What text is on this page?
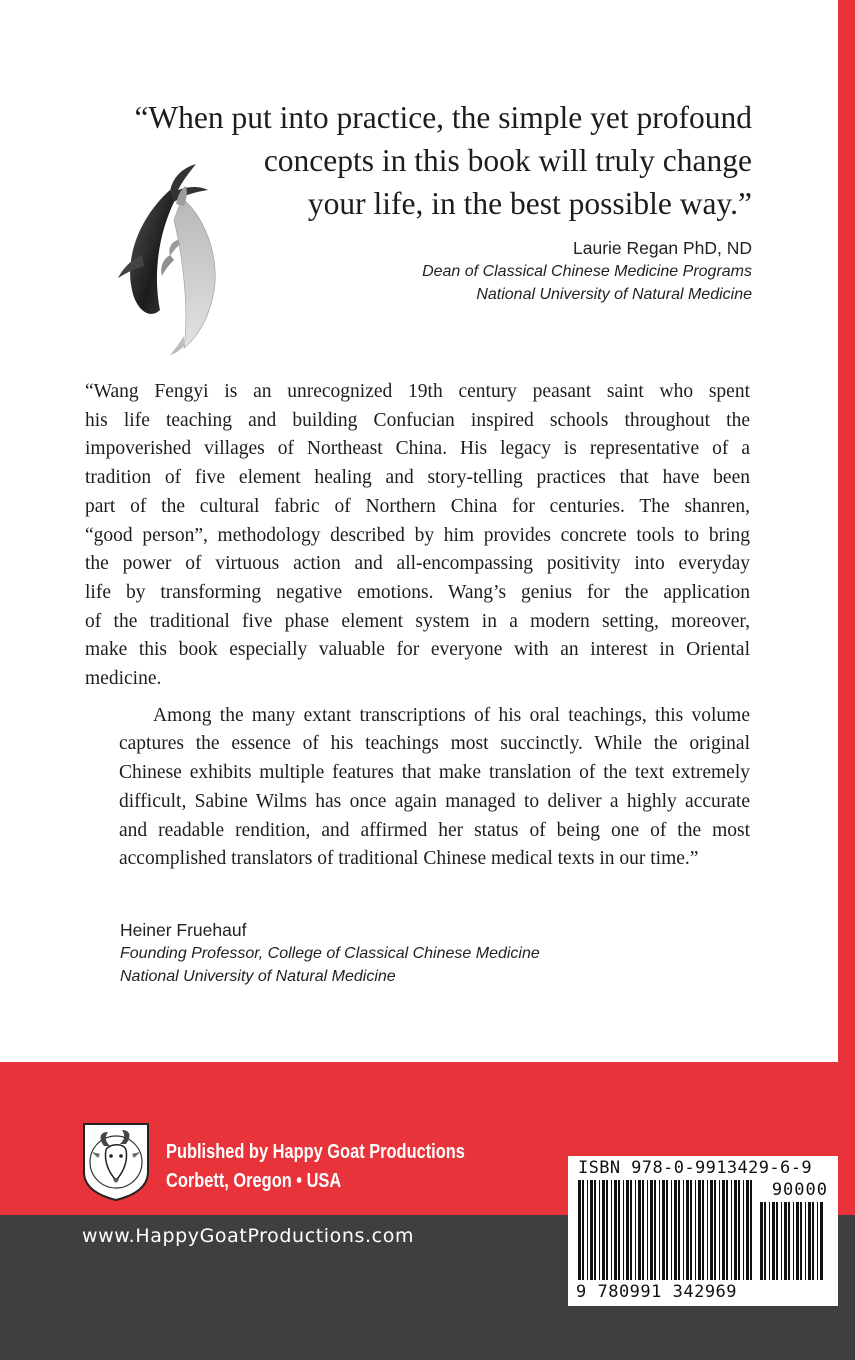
“When put into practice, the simple yet profound
concepts in this book will truly change
your life, in the best possible way.”
Laurie Regan PhD, ND
Dean of Classical Chinese Medicine Programs
National University of Natural Medicine

“Wang Fengyi is an unrecognized 19th century peasant saint who spent
his life teaching and building Confucian inspired schools throughout the
impoverished villages of Northeast China. His legacy is representative of a
tradition of five element healing and story-telling practices that have been
part of the cultural fabric of Northern China for centuries. The shanren,
“good person”, methodology described by him provides concrete tools to bring
the power of virtuous action and all-encompassing positivity into everyday
life by transforming negative emotions. Wang’s genius for the application
of the traditional five phase element system in a modern setting, moreover,
make this book especially valuable for everyone with an interest in Oriental
medicine.

Among the many extant transcriptions of his oral teachings, this volume
captures the essence of his teachings most succinctly. While the original
Chinese exhibits multiple features that make translation of the text extremely
difficult, Sabine Wilms has once again managed to deliver a highly accurate
and readable rendition, and affirmed her status of being one of the most
accomplished translators of traditional Chinese medical texts in our time.”

Heiner Fruehauf
Founding Professor, College of Classical Chinese Medicine
National University of Natural Medicine
Published by Happy Goat Productions
Corbett, Oregon • USA
www.HappyGoatProductions.com
ISBN 978-0-9913429-6-9
90000
9 780991 342969
